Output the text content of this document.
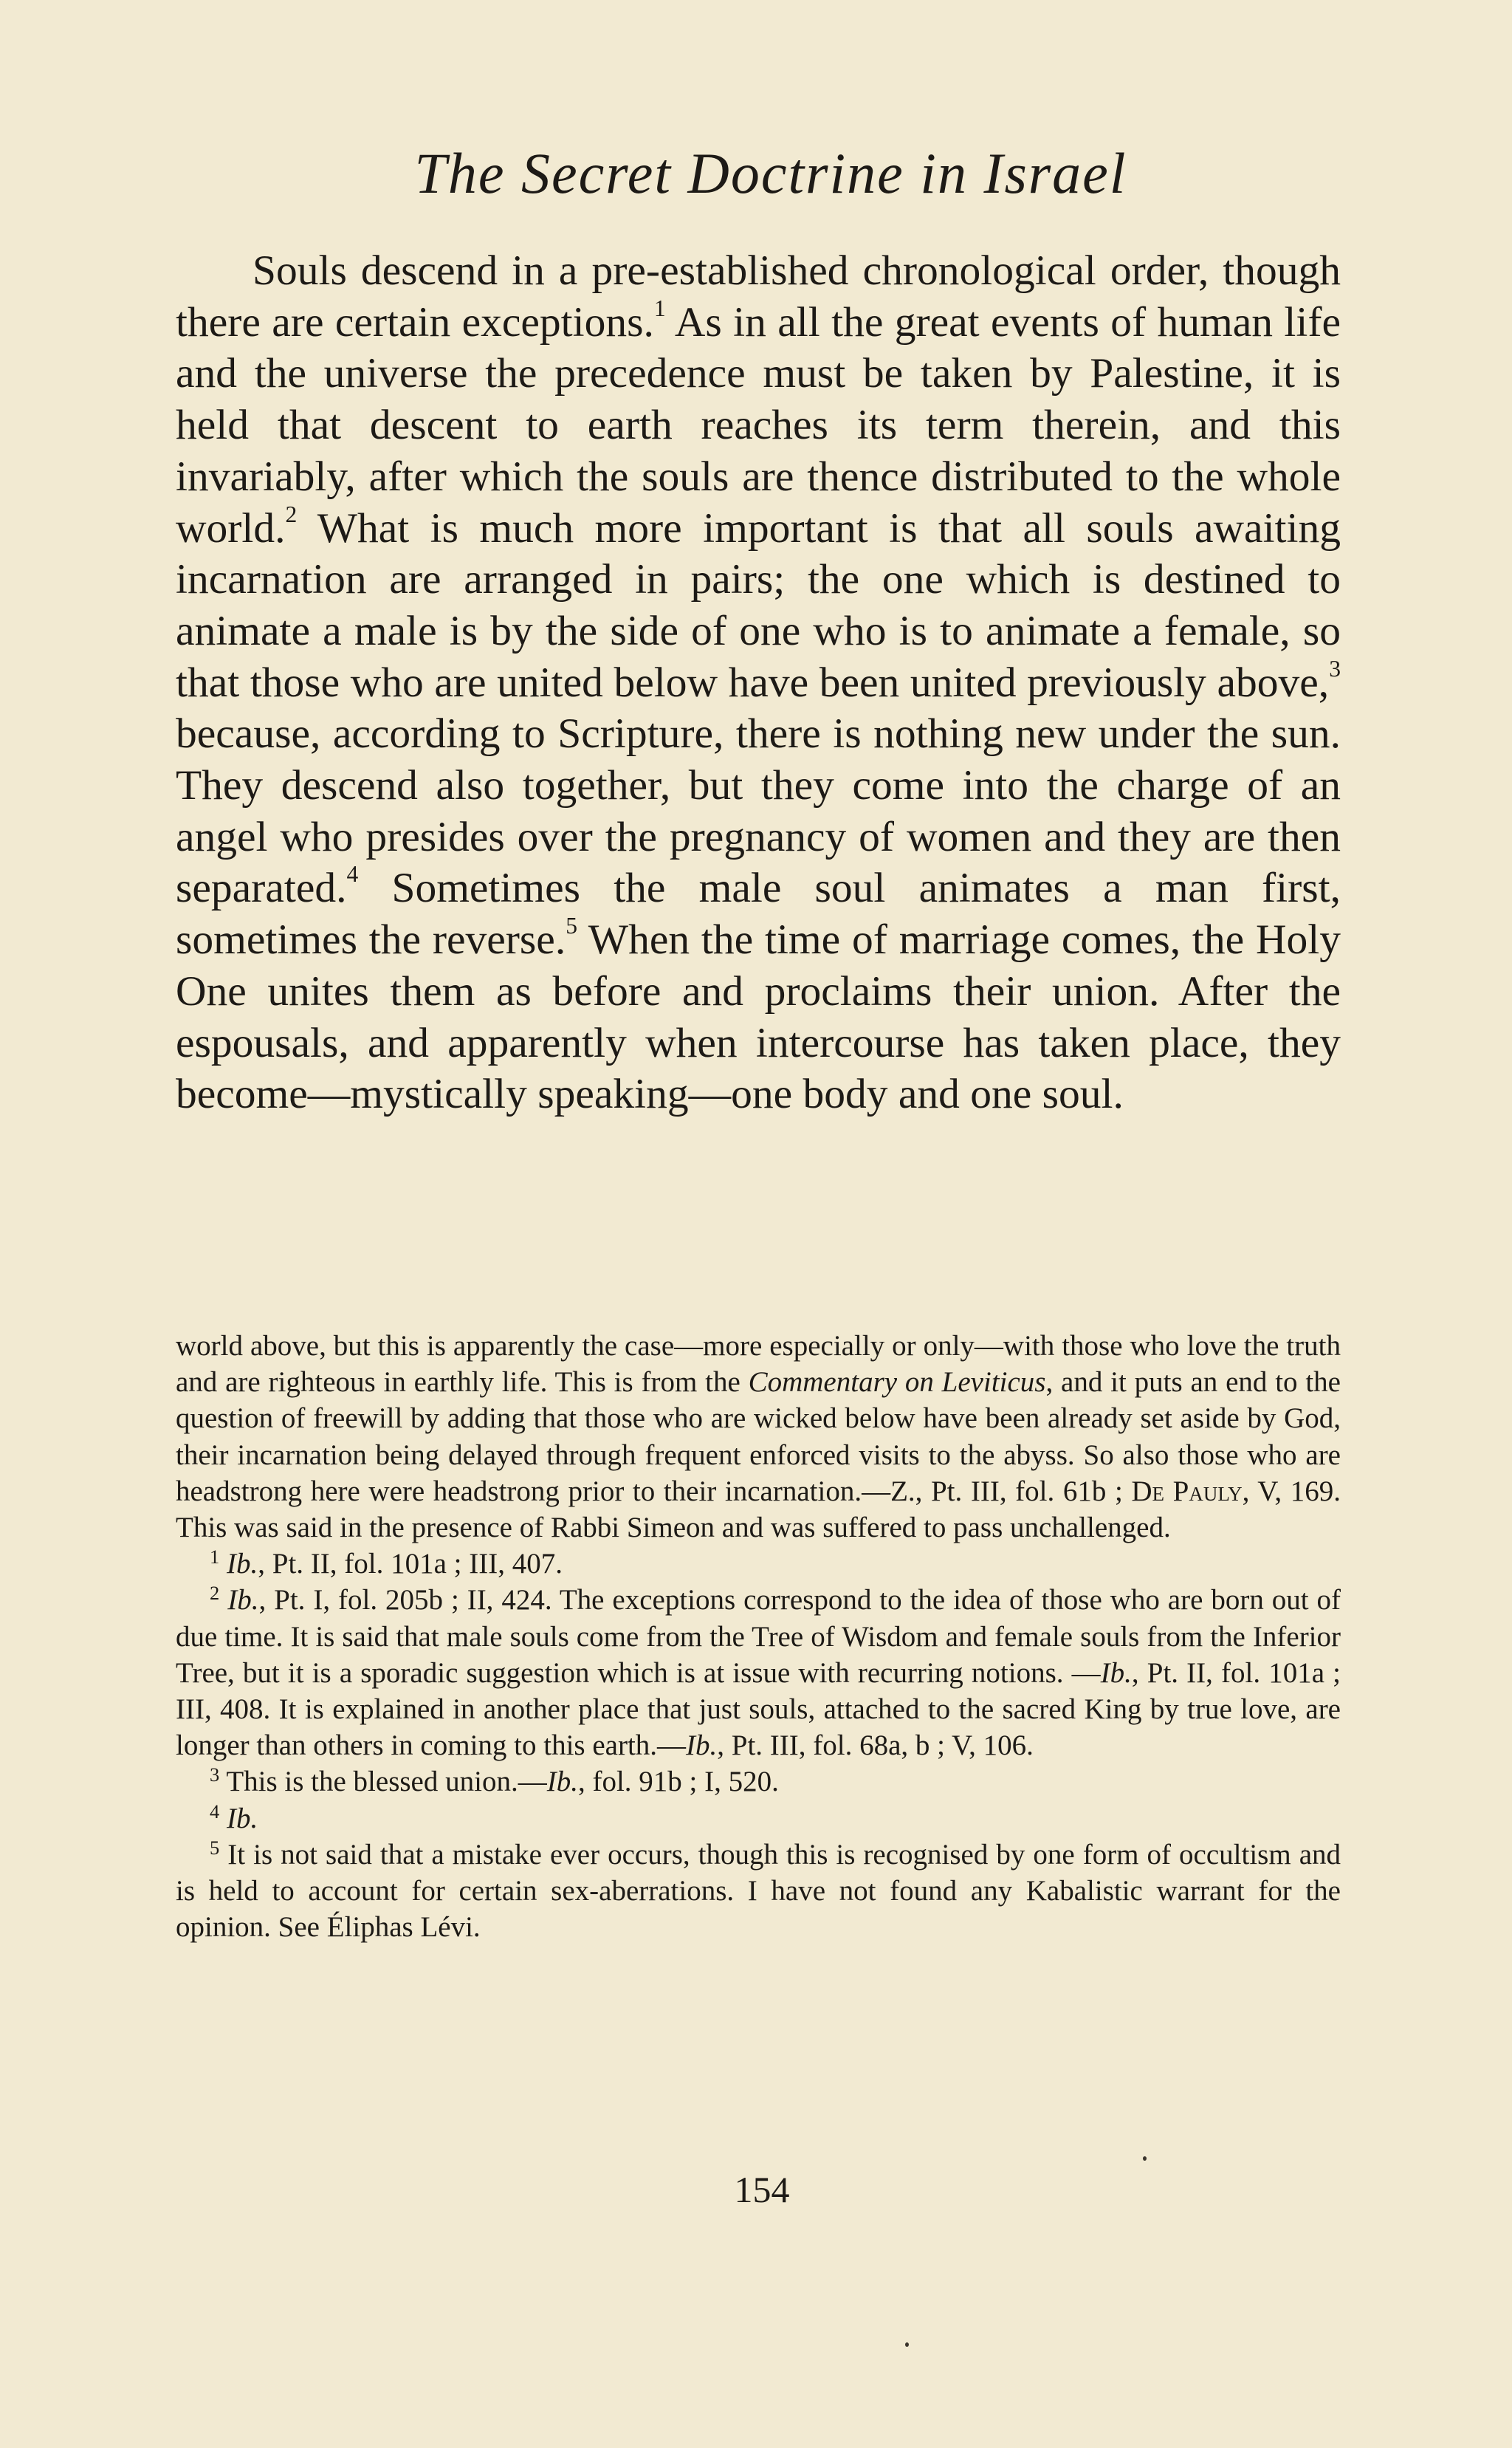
The Secret Doctrine in Israel

Souls descend in a pre-established chronological order, though there are certain exceptions.$^1$ As in all the great events of human life and the universe the precedence must be taken by Palestine, it is held that descent to earth reaches its term therein, and this invariably, after which the souls are thence distributed to the whole world.$^2$ What is much more important is that all souls awaiting incarnation are arranged in pairs; the one which is destined to animate a male is by the side of one who is to animate a female, so that those who are united below have been united previously above,$^3$ because, according to Scripture, there is nothing new under the sun. They descend also together, but they come into the charge of an angel who presides over the pregnancy of women and they are then separated.$^4$ Sometimes the male soul animates a man first, sometimes the reverse.$^5$ When the time of marriage comes, the Holy One unites them as before and proclaims their union. After the espousals, and apparently when intercourse has taken place, they become—mystically speaking—one body and one soul.

world above, but this is apparently the case—more especially or only—with those who love the truth and are righteous in earthly life. This is from the Commentary on Leviticus, and it puts an end to the question of freewill by adding that those who are wicked below have been already set aside by God, their incarnation being delayed through frequent enforced visits to the abyss. So also those who are headstrong here were headstrong prior to their incarnation.—Z., Pt. III, fol. 61b ; De Pauly, V, 169. This was said in the presence of Rabbi Simeon and was suffered to pass unchallenged.

$^1$ Ib., Pt. II, fol. 101a ; III, 407.

$^2$ Ib., Pt. I, fol. 205b ; II, 424. The exceptions correspond to the idea of those who are born out of due time. It is said that male souls come from the Tree of Wisdom and female souls from the Inferior Tree, but it is a sporadic suggestion which is at issue with recurring notions. —Ib., Pt. II, fol. 101a ; III, 408. It is explained in another place that just souls, attached to the sacred King by true love, are longer than others in coming to this earth.—Ib., Pt. III, fol. 68a, b ; V, 106.

$^3$ This is the blessed union.—Ib., fol. 91b ; I, 520.

$^4$ Ib.

$^5$ It is not said that a mistake ever occurs, though this is recognised by one form of occultism and is held to account for certain sex-aberrations. I have not found any Kabalistic warrant for the opinion. See Éliphas Lévi.

154
